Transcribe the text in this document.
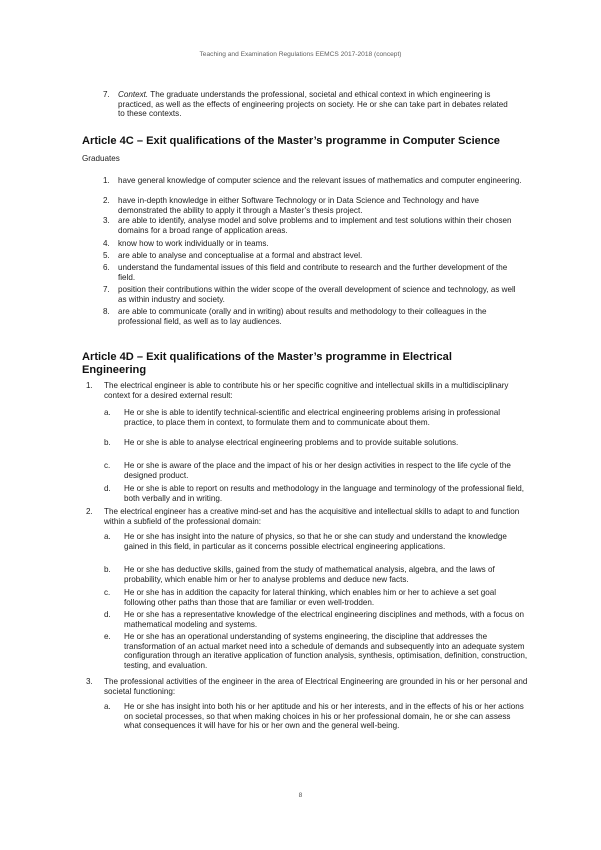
Teaching and Examination Regulations EEMCS 2017-2018 (concept)
7. Context. The graduate understands the professional, societal and ethical context in which engineering is practiced, as well as the effects of engineering projects on society. He or she can take part in debates related to these contexts.

Article 4C – Exit qualifications of the Master’s programme in Computer Science

Graduates

1. have general knowledge of computer science and the relevant issues of mathematics and computer engineering.

2. have in-depth knowledge in either Software Technology or in Data Science and Technology and have demonstrated the ability to apply it through a Master’s thesis project.

3. are able to identify, analyse model and solve problems and to implement and test solutions within their chosen domains for a broad range of application areas.

4. know how to work individually or in teams.

5. are able to analyse and conceptualise at a formal and abstract level.

6. understand the fundamental issues of this field and contribute to research and the further development of the field.

7. position their contributions within the wider scope of the overall development of science and technology, as well as within industry and society.

8. are able to communicate (orally and in writing) about results and methodology to their colleagues in the professional field, as well as to lay audiences.

Article 4D – Exit qualifications of the Master’s programme in Electrical
Engineering
1. The electrical engineer is able to contribute his or her specific cognitive and intellectual skills in a multidisciplinary context for a desired external result:

a. He or she is able to identify technical-scientific and electrical engineering problems arising in professional practice, to place them in context, to formulate them and to communicate about them.

b. He or she is able to analyse electrical engineering problems and to provide suitable solutions.

c. He or she is aware of the place and the impact of his or her design activities in respect to the life cycle of the designed product.

d. He or she is able to report on results and methodology in the language and terminology of the professional field, both verbally and in writing.

2. The electrical engineer has a creative mind-set and has the acquisitive and intellectual skills to adapt to and function within a subfield of the professional domain:

a. He or she has insight into the nature of physics, so that he or she can study and understand the knowledge gained in this field, in particular as it concerns possible electrical engineering applications.

b. He or she has deductive skills, gained from the study of mathematical analysis, algebra, and the laws of probability, which enable him or her to analyse problems and deduce new facts.

c. He or she has in addition the capacity for lateral thinking, which enables him or her to achieve a set goal following other paths than those that are familiar or even well-trodden.

d. He or she has a representative knowledge of the electrical engineering disciplines and methods, with a focus on mathematical modeling and systems.

e. He or she has an operational understanding of systems engineering, the discipline that addresses the transformation of an actual market need into a schedule of demands and subsequently into an adequate system configuration through an iterative application of function analysis, synthesis, optimisation, definition, construction, testing, and evaluation.

3. The professional activities of the engineer in the area of Electrical Engineering are grounded in his or her personal and societal functioning:

a. He or she has insight into both his or her aptitude and his or her interests, and in the effects of his or her actions on societal processes, so that when making choices in his or her professional domain, he or she can assess what consequences it will have for his or her own and the general well-being.

8
